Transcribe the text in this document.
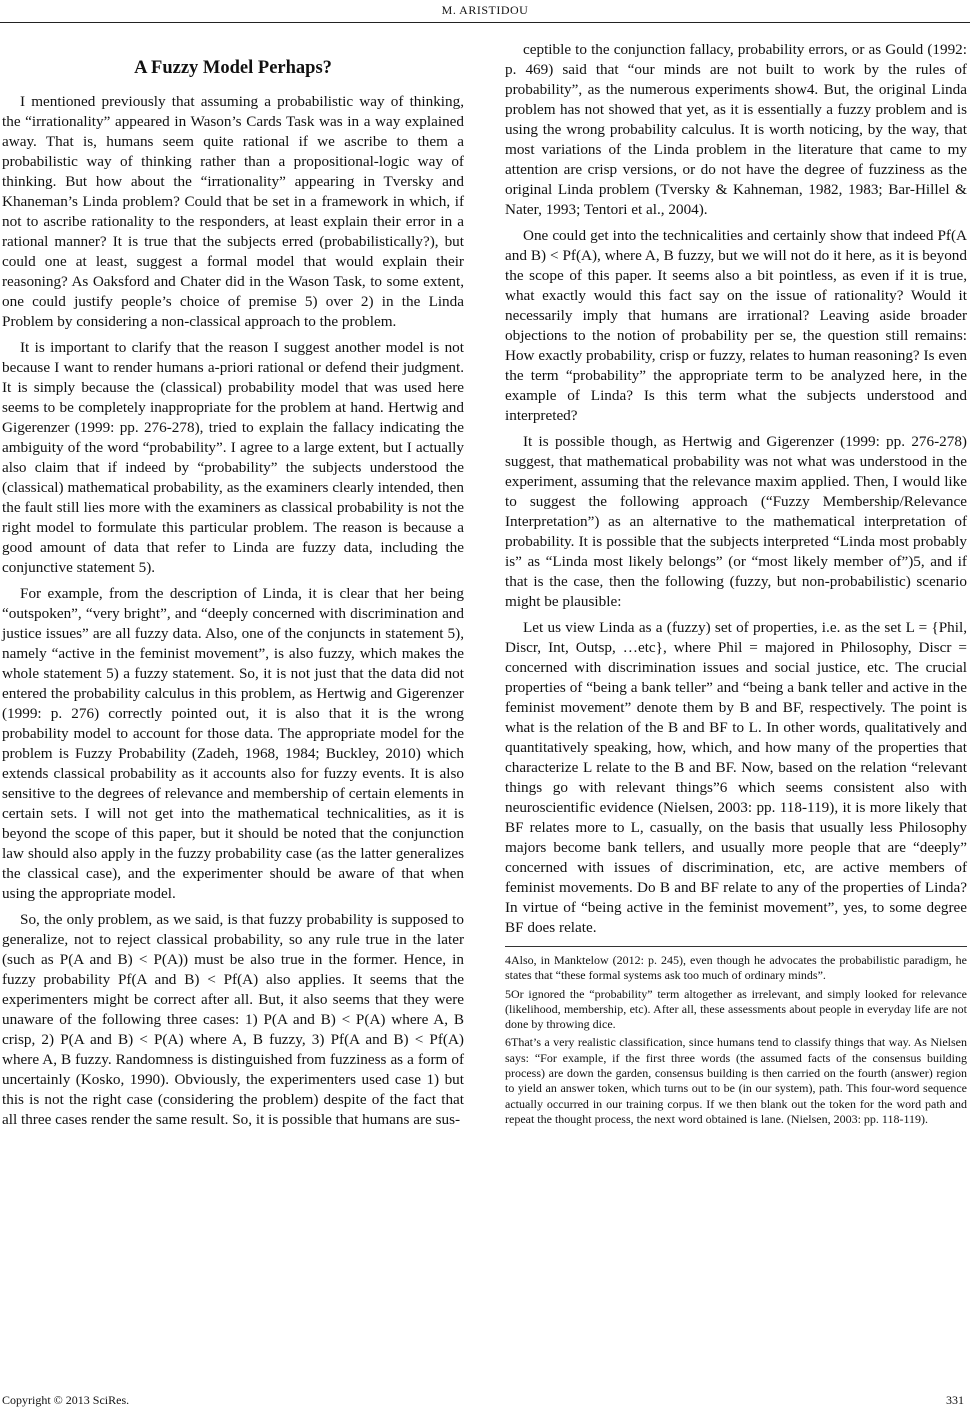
M. ARISTIDOU
A Fuzzy Model Perhaps?

I mentioned previously that assuming a probabilistic way of thinking, the “irrationality” appeared in Wason’s Cards Task was in a way explained away. That is, humans seem quite rational if we ascribe to them a probabilistic way of thinking rather than a propositional-logic way of thinking. But how about the “irrationality” appearing in Tversky and Khaneman’s Linda problem? Could that be set in a framework in which, if not to ascribe rationality to the responders, at least explain their error in a rational manner? It is true that the subjects erred (probabilistically?), but could one at least, suggest a formal model that would explain their reasoning? As Oaksford and Chater did in the Wason Task, to some extent, one could justify people’s choice of premise 5) over 2) in the Linda Problem by considering a non-classical approach to the problem.

It is important to clarify that the reason I suggest another model is not because I want to render humans a-priori rational or defend their judgment. It is simply because the (classical) probability model that was used here seems to be completely inappropriate for the problem at hand. Hertwig and Gigerenzer (1999: pp. 276-278), tried to explain the fallacy indicating the ambiguity of the word “probability”. I agree to a large extent, but I actually also claim that if indeed by “probability” the subjects understood the (classical) mathematical probability, as the examiners clearly intended, then the fault still lies more with the examiners as classical probability is not the right model to formulate this particular problem. The reason is because a good amount of data that refer to Linda are fuzzy data, including the conjunctive statement 5).

For example, from the description of Linda, it is clear that her being “outspoken”, “very bright”, and “deeply concerned with discrimination and justice issues” are all fuzzy data. Also, one of the conjuncts in statement 5), namely “active in the feminist movement”, is also fuzzy, which makes the whole statement 5) a fuzzy statement. So, it is not just that the data did not entered the probability calculus in this problem, as Hertwig and Gigerenzer (1999: p. 276) correctly pointed out, it is also that it is the wrong probability model to account for those data. The appropriate model for the problem is Fuzzy Probability (Zadeh, 1968, 1984; Buckley, 2010) which extends classical probability as it accounts also for fuzzy events. It is also sensitive to the degrees of relevance and membership of certain elements in certain sets. I will not get into the mathematical technicalities, as it is beyond the scope of this paper, but it should be noted that the conjunction law should also apply in the fuzzy probability case (as the latter generalizes the classical case), and the experimenter should be aware of that when using the appropriate model.

So, the only problem, as we said, is that fuzzy probability is supposed to generalize, not to reject classical probability, so any rule true in the later (such as P(A and B) < P(A)) must be also true in the former. Hence, in fuzzy probability Pf(A and B) < Pf(A) also applies. It seems that the experimenters might be correct after all. But, it also seems that they were unaware of the following three cases: 1) P(A and B) < P(A) where A, B crisp, 2) P(A and B) < P(A) where A, B fuzzy, 3) Pf(A and B) < Pf(A) where A, B fuzzy. Randomness is distinguished from fuzziness as a form of uncertainly (Kosko, 1990). Obviously, the experimenters used case 1) but this is not the right case (considering the problem) despite of the fact that all three cases render the same result. So, it is possible that humans are sus-

ceptible to the conjunction fallacy, probability errors, or as Gould (1992: p. 469) said that “our minds are not built to work by the rules of probability”, as the numerous experiments show4. But, the original Linda problem has not showed that yet, as it is essentially a fuzzy problem and is using the wrong probability calculus. It is worth noticing, by the way, that most variations of the Linda problem in the literature that came to my attention are crisp versions, or do not have the degree of fuzziness as the original Linda problem (Tversky & Kahneman, 1982, 1983; Bar-Hillel & Nater, 1993; Tentori et al., 2004).

One could get into the technicalities and certainly show that indeed Pf(A and B) < Pf(A), where A, B fuzzy, but we will not do it here, as it is beyond the scope of this paper. It seems also a bit pointless, as even if it is true, what exactly would this fact say on the issue of rationality? Would it necessarily imply that humans are irrational? Leaving aside broader objections to the notion of probability per se, the question still remains: How exactly probability, crisp or fuzzy, relates to human reasoning? Is even the term “probability” the appropriate term to be analyzed here, in the example of Linda? Is this term what the subjects understood and interpreted?

It is possible though, as Hertwig and Gigerenzer (1999: pp. 276-278) suggest, that mathematical probability was not what was understood in the experiment, assuming that the relevance maxim applied. Then, I would like to suggest the following approach (“Fuzzy Membership/Relevance Interpretation”) as an alternative to the mathematical interpretation of probability. It is possible that the subjects interpreted “Linda most probably is” as “Linda most likely belongs” (or “most likely member of”)5, and if that is the case, then the following (fuzzy, but non-probabilistic) scenario might be plausible:

Let us view Linda as a (fuzzy) set of properties, i.e. as the set L = {Phil, Discr, Int, Outsp, …etc}, where Phil = majored in Philosophy, Discr = concerned with discrimination issues and social justice, etc. The crucial properties of “being a bank teller” and “being a bank teller and active in the feminist movement” denote them by B and BF, respectively. The point is what is the relation of the B and BF to L. In other words, qualitatively and quantitatively speaking, how, which, and how many of the properties that characterize L relate to the B and BF. Now, based on the relation “relevant things go with relevant things”6 which seems consistent also with neuroscientific evidence (Nielsen, 2003: pp. 118-119), it is more likely that BF relates more to L, casually, on the basis that usually less Philosophy majors become bank tellers, and usually more people that are “deeply” concerned with issues of discrimination, etc, are active members of feminist movements. Do B and BF relate to any of the properties of Linda? In virtue of “being active in the feminist movement”, yes, to some degree BF does relate.

4Also, in Manktelow (2012: p. 245), even though he advocates the probabilistic paradigm, he states that “these formal systems ask too much of ordinary minds”.

5Or ignored the “probability” term altogether as irrelevant, and simply looked for relevance (likelihood, membership, etc). After all, these assessments about people in everyday life are not done by throwing dice.

6That’s a very realistic classification, since humans tend to classify things that way. As Nielsen says: “For example, if the first three words (the assumed facts of the consensus building process) are down the garden, consensus building is then carried on the fourth (answer) region to yield an answer token, which turns out to be (in our system), path. This four-word sequence actually occurred in our training corpus. If we then blank out the token for the word path and repeat the thought process, the next word obtained is lane. (Nielsen, 2003: pp. 118-119).

Copyright © 2013 SciRes.	331
